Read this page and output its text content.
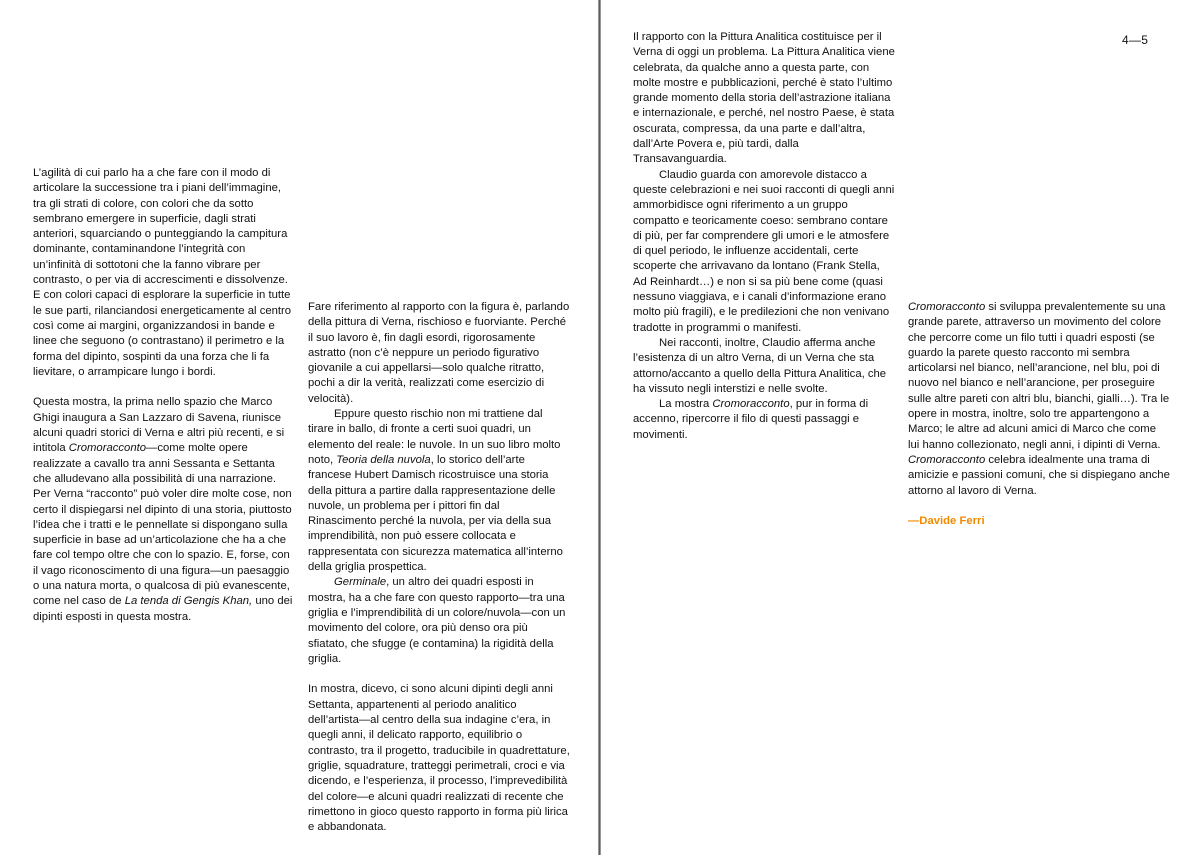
4—5

L’agilità di cui parlo ha a che fare con il modo di articolare la successione tra i piani dell’immagine, tra gli strati di colore, con colori che da sotto sembrano emergere in superficie, dagli strati anteriori, squarciando o punteggiando la campitura dominante, contaminandone l’integrità con un’infinità di sottotoni che la fanno vibrare per contrasto, o per via di accrescimenti e dissolvenze. E con colori capaci di esplorare la superficie in tutte le sue parti, rilanciandosi energeticamente al centro così come ai margini, organizzandosi in bande e linee che seguono (o contrastano) il perimetro e la forma del dipinto, sospinti da una forza che li fa lievitare, o arrampicare lungo i bordi.

Questa mostra, la prima nello spazio che Marco Ghigi inaugura a San Lazzaro di Savena, riunisce alcuni quadri storici di Verna e altri più recenti, e si intitola Cromoracconto—come molte opere realizzate a cavallo tra anni Sessanta e Settanta che alludevano alla possibilità di una narrazione. Per Verna “racconto” può voler dire molte cose, non certo il dispiegarsi nel dipinto di una storia, piuttosto l’idea che i tratti e le pennellate si dispongano sulla superficie in base ad un’articolazione che ha a che fare col tempo oltre che con lo spazio. E, forse, con il vago riconoscimento di una figura—un paesaggio o una natura morta, o qualcosa di più evanescente, come nel caso de La tenda di Gengis Khan, uno dei dipinti esposti in questa mostra.

Fare riferimento al rapporto con la figura è, parlando della pittura di Verna, rischioso e fuorviante. Perché il suo lavoro è, fin dagli esordi, rigorosamente astratto (non c’è neppure un periodo figurativo giovanile a cui appellarsi—solo qualche ritratto, pochi a dir la verità, realizzati come esercizio di velocità).

Eppure questo rischio non mi trattiene dal tirare in ballo, di fronte a certi suoi quadri, un elemento del reale: le nuvole. In un suo libro molto noto, Teoria della nuvola, lo storico dell’arte francese Hubert Damisch ricostruisce una storia della pittura a partire dalla rappresentazione delle nuvole, un problema per i pittori fin dal Rinascimento perché la nuvola, per via della sua imprendibilità, non può essere collocata e rappresentata con sicurezza matematica all’interno della griglia prospettica.

Germinale, un altro dei quadri esposti in mostra, ha a che fare con questo rapporto—tra una griglia e l’imprendibilità di un colore/nuvola—con un movimento del colore, ora più denso ora più sfiatato, che sfugge (e contamina) la rigidità della griglia.

In mostra, dicevo, ci sono alcuni dipinti degli anni Settanta, appartenenti al periodo analitico dell’artista—al centro della sua indagine c’era, in quegli anni, il delicato rapporto, equilibrio o contrasto, tra il progetto, traducibile in quadrettature, griglie, squadrature, tratteggi perimetrali, croci e via dicendo, e l’esperienza, il processo, l’imprevedibilità del colore—e alcuni quadri realizzati di recente che rimettono in gioco questo rapporto in forma più lirica e abbandonata.

Il rapporto con la Pittura Analitica costituisce per il Verna di oggi un problema. La Pittura Analitica viene celebrata, da qualche anno a questa parte, con molte mostre e pubblicazioni, perché è stato l’ultimo grande momento della storia dell’astrazione italiana e internazionale, e perché, nel nostro Paese, è stata oscurata, compressa, da una parte e dall’altra, dall’Arte Povera e, più tardi, dalla Transavanguardia.

Claudio guarda con amorevole distacco a queste celebrazioni e nei suoi racconti di quegli anni ammorbidisce ogni riferimento a un gruppo compatto e teoricamente coeso: sembrano contare di più, per far comprendere gli umori e le atmosfere di quel periodo, le influenze accidentali, certe scoperte che arrivavano da lontano (Frank Stella, Ad Reinhardt…) e non si sa più bene come (quasi nessuno viaggiava, e i canali d’informazione erano molto più fragili), e le predilezioni che non venivano tradotte in programmi o manifesti.

Nei racconti, inoltre, Claudio afferma anche l’esistenza di un altro Verna, di un Verna che sta attorno/accanto a quello della Pittura Analitica, che ha vissuto negli interstizi e nelle svolte.

La mostra Cromoracconto, pur in forma di accenno, ripercorre il filo di questi passaggi e movimenti.

Cromoracconto si sviluppa prevalentemente su una grande parete, attraverso un movimento del colore che percorre come un filo tutti i quadri esposti (se guardo la parete questo racconto mi sembra articolarsi nel bianco, nell’arancione, nel blu, poi di nuovo nel bianco e nell’arancione, per proseguire sulle altre pareti con altri blu, bianchi, gialli…). Tra le opere in mostra, inoltre, solo tre appartengono a Marco; le altre ad alcuni amici di Marco che come lui hanno collezionato, negli anni, i dipinti di Verna. Cromoracconto celebra idealmente una trama di amicizie e passioni comuni, che si dispiegano anche attorno al lavoro di Verna.

—Davide Ferri
